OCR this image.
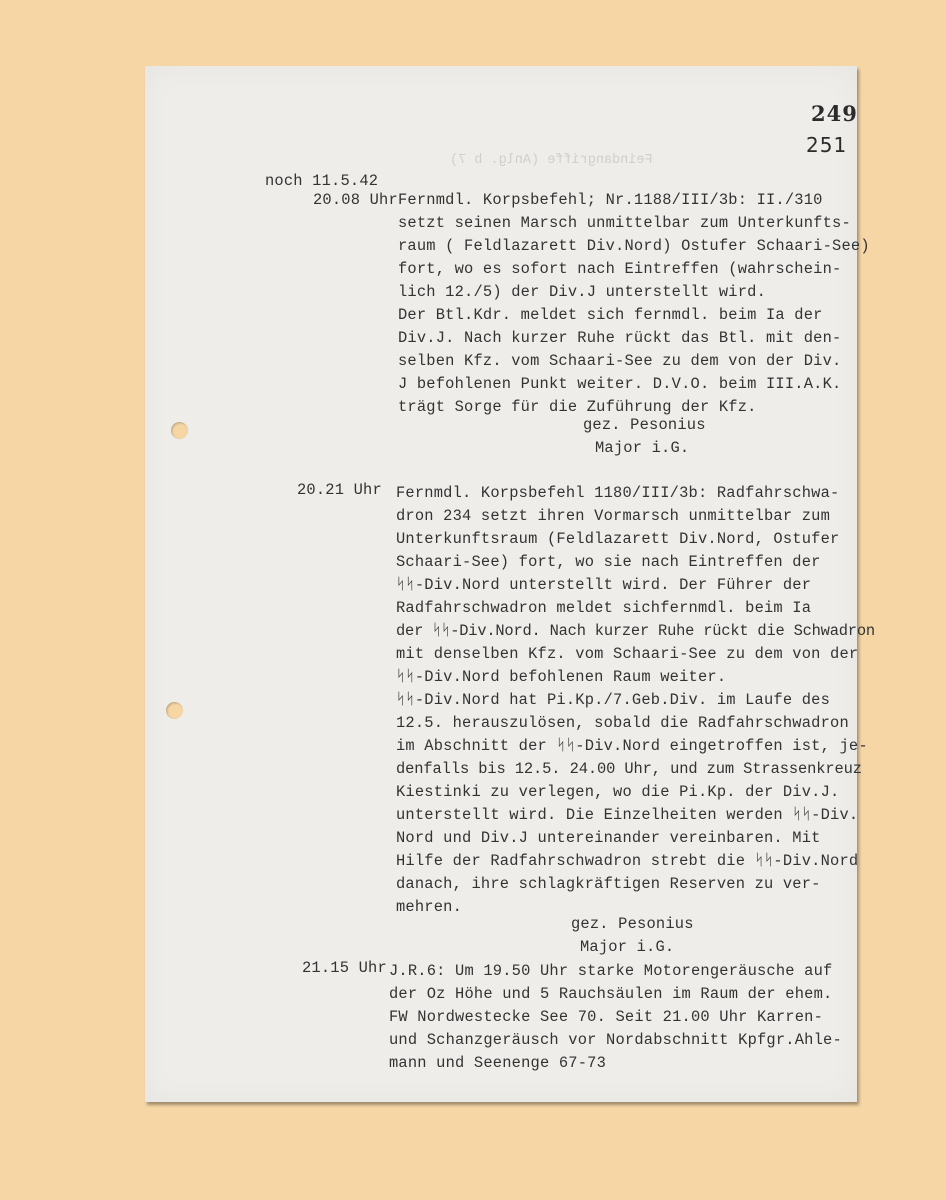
249
251
Feindangriffe (Anlg. b 7)
noch 11.5.42
20.08 Uhr Fernmdl. Korpsbefehl; Nr.1188/III/3b: II./310
setzt seinen Marsch unmittelbar zum Unterkunfts-
raum ( Feldlazarett Div.Nord) Ostufer Schaari-See)
fort, wo es sofort nach Eintreffen (wahrschein-
lich 12./5) der Div.J unterstellt wird.
Der Btl.Kdr. meldet sich fernmdl. beim Ia der
Div.J. Nach kurzer Ruhe rückt das Btl. mit den-
selben Kfz. vom Schaari-See zu dem von der Div.
J befohlenen Punkt weiter. D.V.O. beim III.A.K.
trägt Sorge für die Zuführung der Kfz.
gez. Pesonius
Major i.G.
20.21 Uhr Fernmdl. Korpsbefehl 1180/III/3b: Radfahrschwa-
dron 234 setzt ihren Vormarsch unmittelbar zum
Unterkunftsraum (Feldlazarett Div.Nord, Ostufer
Schaari-See) fort, wo sie nach Eintreffen der
ᛋᛋ-Div.Nord unterstellt wird. Der Führer der
Radfahrschwadron meldet sichfernmdl. beim Ia
der ᛋᛋ-Div.Nord. Nach kurzer Ruhe rückt die Schwadron
mit denselben Kfz. vom Schaari-See zu dem von der
ᛋᛋ-Div.Nord befohlenen Raum weiter.
ᛋᛋ-Div.Nord hat Pi.Kp./7.Geb.Div. im Laufe des
12.5. herauszulösen, sobald die Radfahrschwadron
im Abschnitt der ᛋᛋ-Div.Nord eingetroffen ist, je-
denfalls bis 12.5. 24.00 Uhr, und zum Strassenkreuz
Kiestinki zu verlegen, wo die Pi.Kp. der Div.J.
unterstellt wird. Die Einzelheiten werden ᛋᛋ-Div.
Nord und Div.J untereinander vereinbaren. Mit
Hilfe der Radfahrschwadron strebt die ᛋᛋ-Div.Nord
danach, ihre schlagkräftigen Reserven zu ver-
mehren.
gez. Pesonius
Major i.G.
21.15 Uhr J.R.6: Um 19.50 Uhr starke Motorengeräusche auf
der Oz Höhe und 5 Rauchsäulen im Raum der ehem.
FW Nordwestecke See 70. Seit 21.00 Uhr Karren-
und Schanzgeräusch vor Nordabschnitt Kpfgr.Ahle-
mann und Seenenge 67-73
